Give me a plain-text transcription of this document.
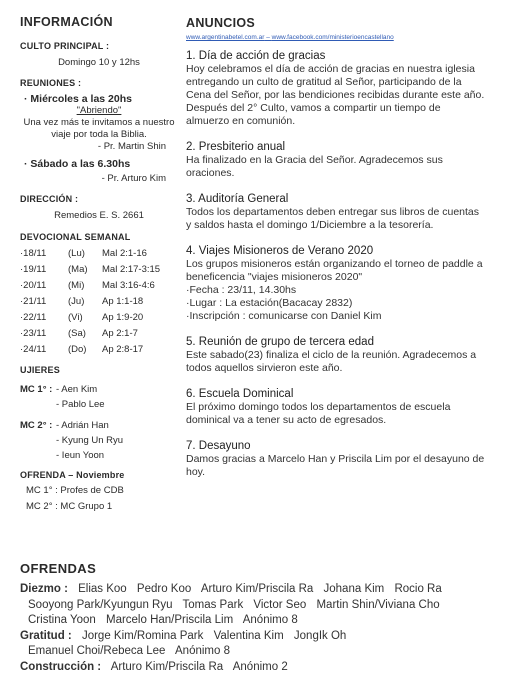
INFORMACIÓN
CULTO PRINCIPAL :
Domingo 10 y 12hs
REUNIONES :
· Miércoles a las 20hs
"Abriendo"
Una vez más te invitamos a nuestro viaje por toda la Biblia.
- Pr. Martin Shin
· Sábado a las 6.30hs
- Pr. Arturo Kim
DIRECCIÓN :
Remedios E. S. 2661
DEVOCIONAL SEMANAL
·18/11	(Lu)	Mal 2:1-16
·19/11	(Ma)	Mal 2:17-3:15
·20/11	(Mi)	Mal 3:16-4:6
·21/11	(Ju)	Ap 1:1-18
·22/11	(Vi)	Ap 1:9-20
·23/11	(Sa)	Ap 2:1-7
·24/11	(Do)	Ap 2:8-17
UJIERES
MC 1° : - Aen Kim
- Pablo Lee
MC 2° : - Adrián Han
- Kyung Un Ryu
- Ieun Yoon
OFRENDA – Noviembre
MC 1° : Profes de CDB
MC 2° : MC Grupo 1
ANUNCIOS
www.argentinabetel.com.ar – www.facebook.com/ministerioencastellano
1. Día de acción de gracias
Hoy celebramos el día de acción de gracias en nuestra iglesia entregando un culto de gratitud al Señor, participando de la Cena del Señor, por las bendiciones recibidas durante este año.
Después del 2° Culto, vamos a compartir un tiempo de almuerzo en comunión.
2. Presbiterio anual
Ha finalizado en la Gracia del Señor. Agradecemos sus oraciones.
3. Auditoría General
Todos los departamentos deben entregar sus libros de cuentas y saldos hasta el domingo 1/Diciembre a la tesorería.
4. Viajes Misioneros de Verano 2020
Los grupos misioneros están organizando el torneo de paddle a beneficencia "viajes misioneros 2020"
·Fecha : 23/11, 14.30hs
·Lugar : La estación(Bacacay 2832)
·Inscripción : comunicarse con Daniel Kim
5. Reunión de grupo de tercera edad
Este sabado(23) finaliza el ciclo de la reunión. Agradecemos a todos aquellos sirvieron este año.
6. Escuela Dominical
El próximo domingo todos los departamentos de escuela dominical va a tener su acto de egresados.
7. Desayuno
Damos gracias a Marcelo Han y Priscila Lim por el desayuno de hoy.
OFRENDAS
Diezmo : Elias Koo Pedro Koo Arturo Kim/Priscila Ra Johana Kim Rocio Ra
Sooyong Park/Kyungun Ryu Tomas Park Victor Seo Martin Shin/Viviana Cho
Cristina Yoon Marcelo Han/Priscila Lim Anónimo 8
Gratitud : Jorge Kim/Romina Park Valentina Kim JongIk Oh
Emanuel Choi/Rebeca Lee Anónimo 8
Construcción : Arturo Kim/Priscila Ra Anónimo 2
